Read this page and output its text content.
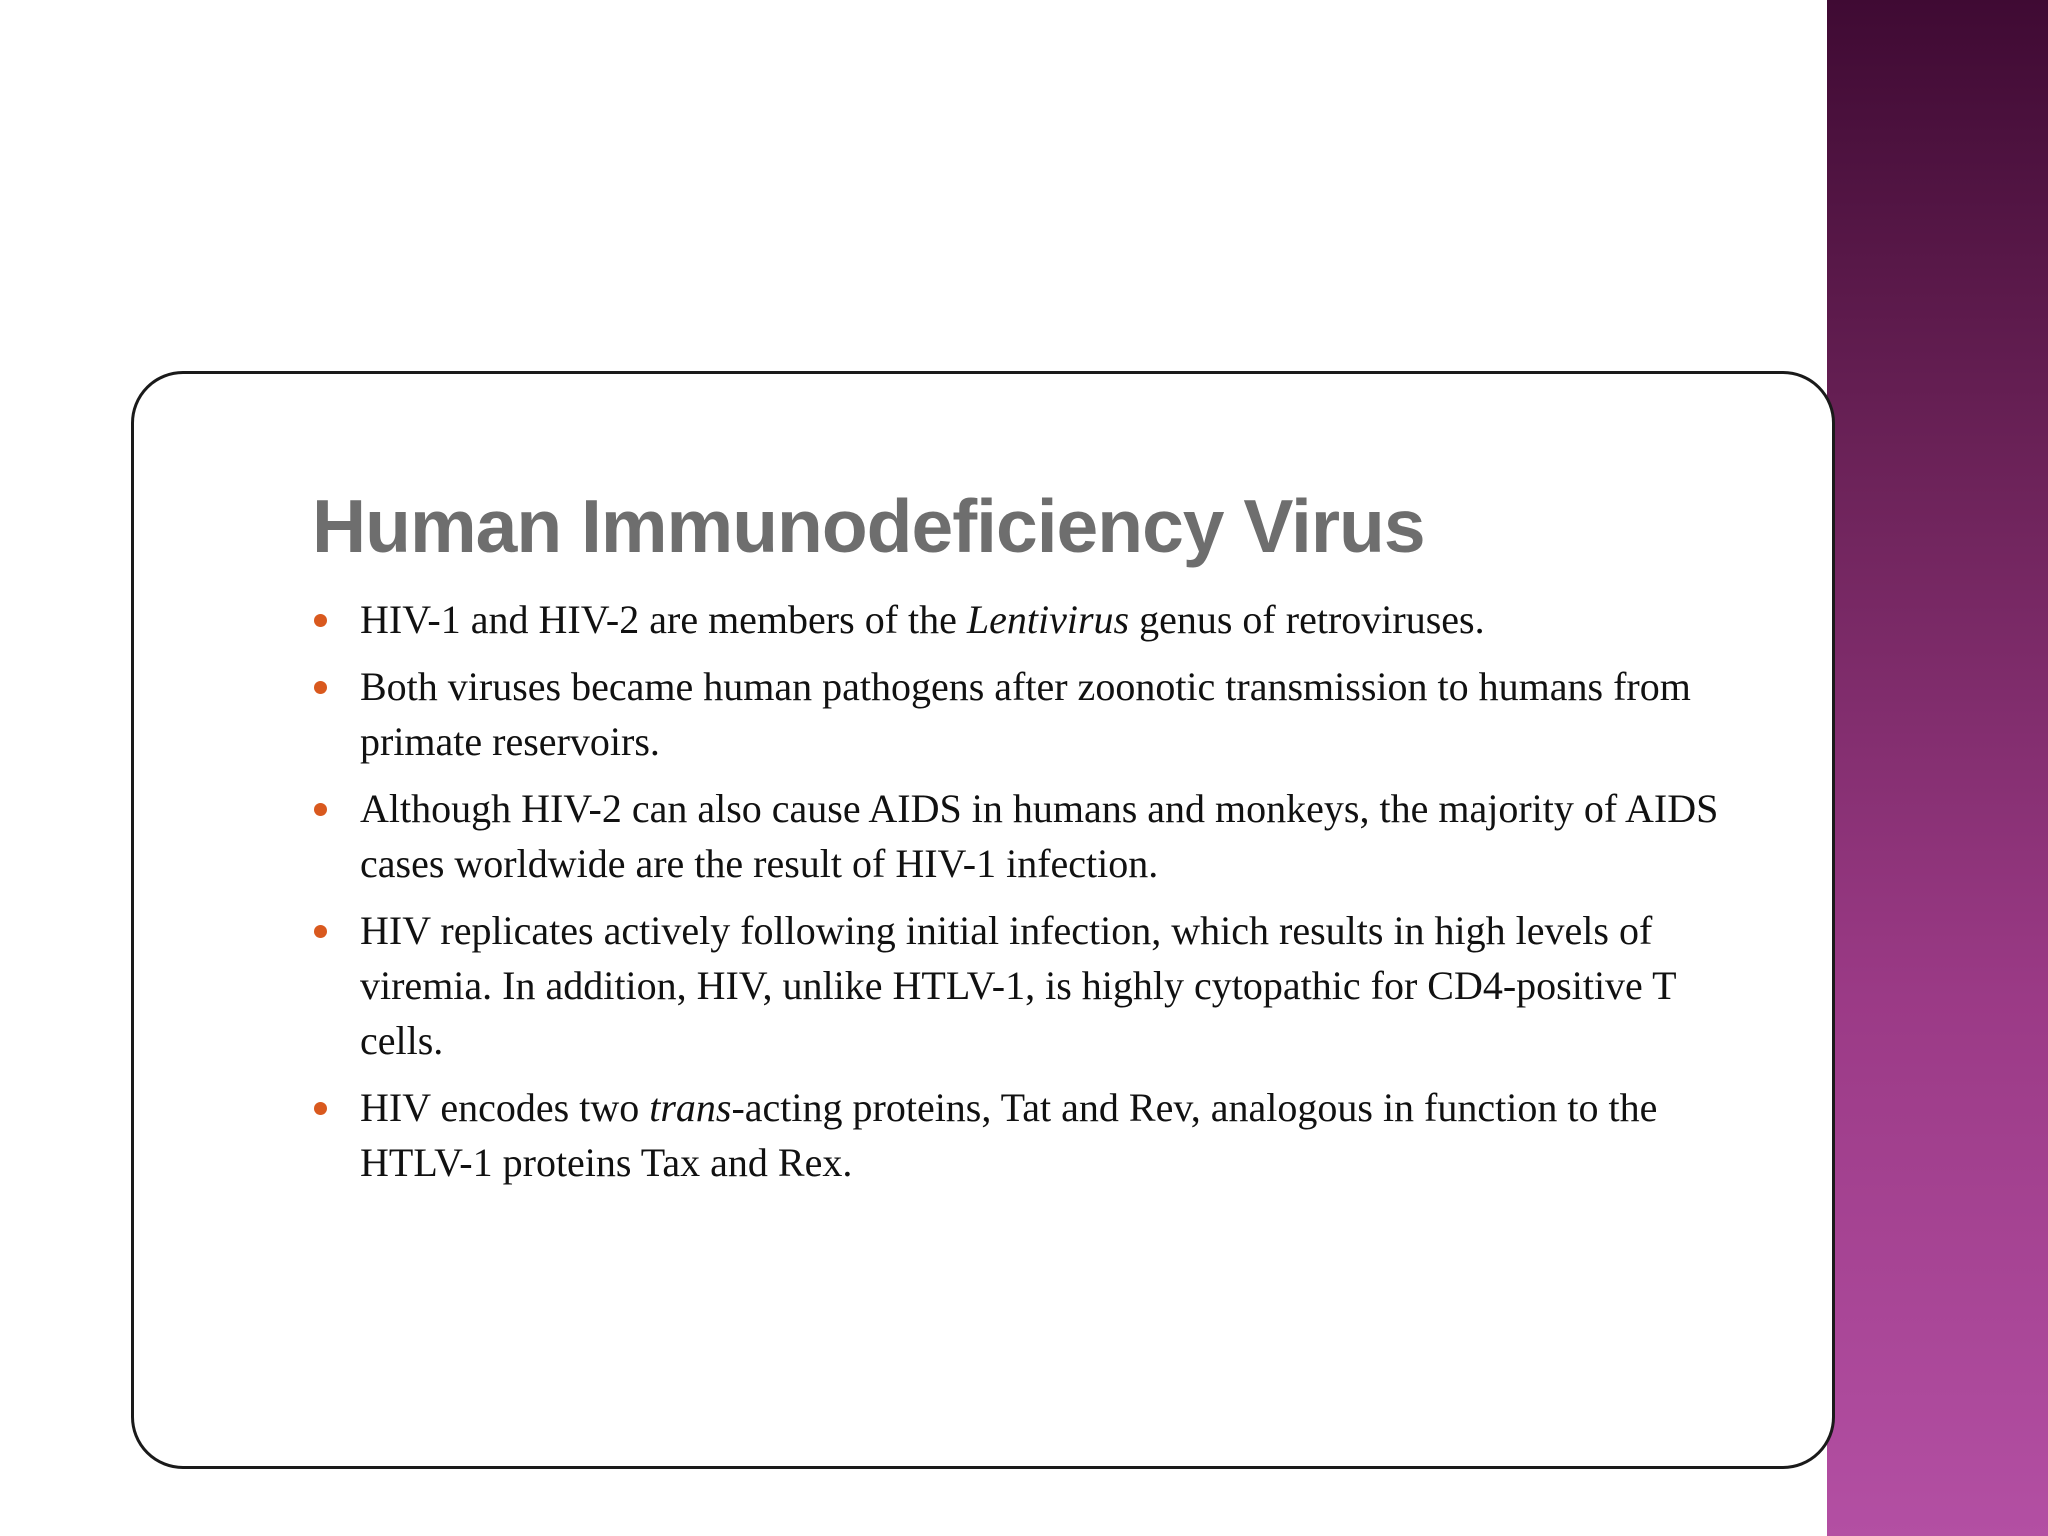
Human Immunodeficiency Virus
HIV-1 and HIV-2 are members of the Lentivirus genus of retroviruses.
Both viruses became human pathogens after zoonotic transmission to humans from primate reservoirs.
Although HIV-2 can also cause AIDS in humans and monkeys, the majority of AIDS cases worldwide are the result of HIV-1 infection.
HIV replicates actively following initial infection, which results in high levels of viremia. In addition, HIV, unlike HTLV-1, is highly cytopathic for CD4-positive T cells.
HIV encodes two trans-acting proteins, Tat and Rev, analogous in function to the HTLV-1 proteins Tax and Rex.
